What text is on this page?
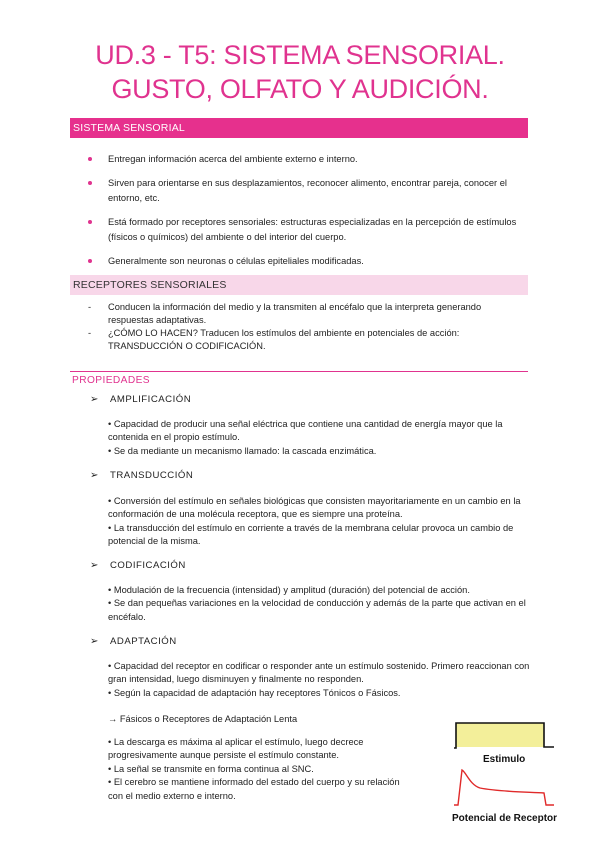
UD.3 - T5: SISTEMA SENSORIAL.
GUSTO, OLFATO Y AUDICIÓN.
SISTEMA SENSORIAL
Entregan información acerca del ambiente externo e interno.
Sirven para orientarse en sus desplazamientos, reconocer alimento, encontrar pareja, conocer el entorno, etc.
Está formado por receptores sensoriales: estructuras especializadas en la percepción de estímulos (físicos o químicos) del ambiente o del interior del cuerpo.
Generalmente son neuronas o células epiteliales modificadas.
RECEPTORES SENSORIALES
- Conducen la información del medio y la transmiten al encéfalo que la interpreta generando respuestas adaptativas.
- ¿CÓMO LO HACEN? Traducen los estímulos del ambiente en potenciales de acción: TRANSDUCCIÓN O CODIFICACIÓN.
PROPIEDADES
➢ AMPLIFICACIÓN
• Capacidad de producir una señal eléctrica que contiene una cantidad de energía mayor que la contenida en el propio estímulo.
• Se da mediante un mecanismo llamado: la cascada enzimática.
➢ TRANSDUCCIÓN
• Conversión del estímulo en señales biológicas que consisten mayoritariamente en un cambio en la conformación de una molécula receptora, que es siempre una proteína.
• La transducción del estímulo en corriente a través de la membrana celular provoca un cambio de potencial de la misma.
➢ CODIFICACIÓN
• Modulación de la frecuencia (intensidad) y amplitud (duración) del potencial de acción.
• Se dan pequeñas variaciones en la velocidad de conducción y además de la parte que activan en el encéfalo.
➢ ADAPTACIÓN
• Capacidad del receptor en codificar o responder ante un estímulo sostenido. Primero reaccionan con gran intensidad, luego disminuyen y finalmente no responden.
• Según la capacidad de adaptación hay receptores Tónicos o Fásicos.
→ Fásicos o Receptores de Adaptación Lenta
• La descarga es máxima al aplicar el estímulo, luego decrece progresivamente aunque persiste el estímulo constante.
• La señal se transmite en forma continua al SNC.
• El cerebro se mantiene informado del estado del cuerpo y su relación con el medio externo e interno.
Estimulo
Potencial de Receptor
